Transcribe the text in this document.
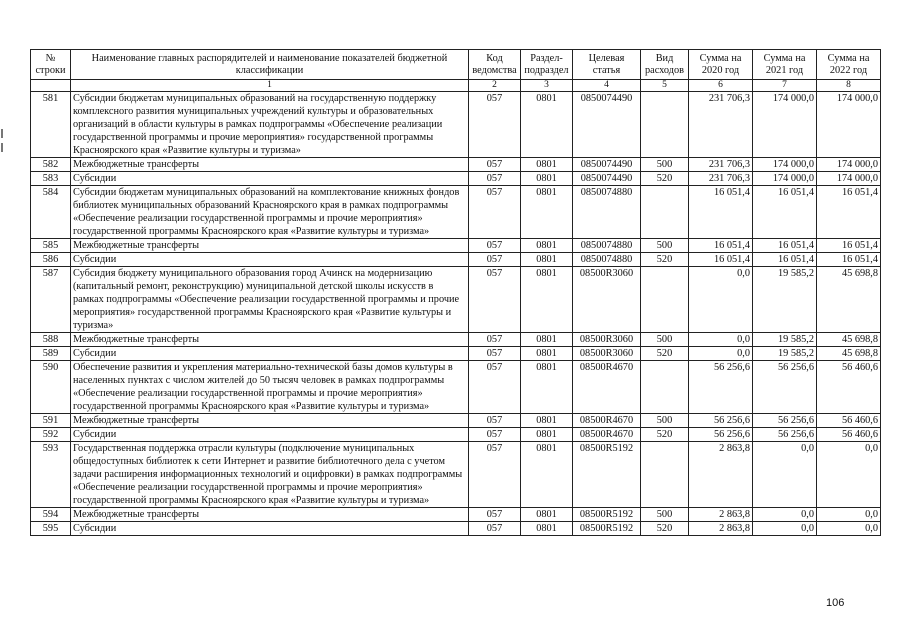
№ строки	Наименование главных распорядителей и наименование показателей бюджетной классификации	Код ведомства	Раздел-подраздел	Целевая статья	Вид расходов	Сумма на 2020 год	Сумма на 2021 год	Сумма на 2022 год
	1	2	3	4	5	6	7	8
581	Субсидии бюджетам муниципальных образований на государственную поддержку комплексного развития муниципальных учреждений культуры и образовательных организаций в области культуры в рамках подпрограммы «Обеспечение реализации государственной программы и прочие мероприятия» государственной программы Красноярского края «Развитие культуры и туризма»	057	0801	0850074490		231 706,3	174 000,0	174 000,0
582	Межбюджетные трансферты	057	0801	0850074490	500	231 706,3	174 000,0	174 000,0
583	Субсидии	057	0801	0850074490	520	231 706,3	174 000,0	174 000,0
584	Субсидии бюджетам муниципальных образований на комплектование книжных фондов библиотек муниципальных образований Красноярского края в рамках подпрограммы «Обеспечение реализации государственной программы и прочие мероприятия» государственной программы Красноярского края «Развитие культуры и туризма»	057	0801	0850074880		16 051,4	16 051,4	16 051,4
585	Межбюджетные трансферты	057	0801	0850074880	500	16 051,4	16 051,4	16 051,4
586	Субсидии	057	0801	0850074880	520	16 051,4	16 051,4	16 051,4
587	Субсидия бюджету муниципального образования город Ачинск на модернизацию (капитальный ремонт, реконструкцию) муниципальной детской школы искусств в рамках подпрограммы «Обеспечение реализации государственной программы и прочие мероприятия» государственной программы Красноярского края «Развитие культуры и туризма»	057	0801	08500R3060		0,0	19 585,2	45 698,8
588	Межбюджетные трансферты	057	0801	08500R3060	500	0,0	19 585,2	45 698,8
589	Субсидии	057	0801	08500R3060	520	0,0	19 585,2	45 698,8
590	Обеспечение развития и укрепления материально-технической базы домов культуры в населенных пунктах с числом жителей до 50 тысяч человек в рамках подпрограммы «Обеспечение реализации государственной программы и прочие мероприятия» государственной программы Красноярского края «Развитие культуры и туризма»	057	0801	08500R4670		56 256,6	56 256,6	56 460,6
591	Межбюджетные трансферты	057	0801	08500R4670	500	56 256,6	56 256,6	56 460,6
592	Субсидии	057	0801	08500R4670	520	56 256,6	56 256,6	56 460,6
593	Государственная поддержка отрасли культуры (подключение муниципальных общедоступных библиотек к сети Интернет и развитие библиотечного дела с учетом задачи расширения информационных технологий и оцифровки) в рамках подпрограммы «Обеспечение реализации государственной программы и прочие мероприятия» государственной программы Красноярского края «Развитие культуры и туризма»	057	0801	08500R5192		2 863,8	0,0	0,0
594	Межбюджетные трансферты	057	0801	08500R5192	500	2 863,8	0,0	0,0
595	Субсидии	057	0801	08500R5192	520	2 863,8	0,0	0,0
106
